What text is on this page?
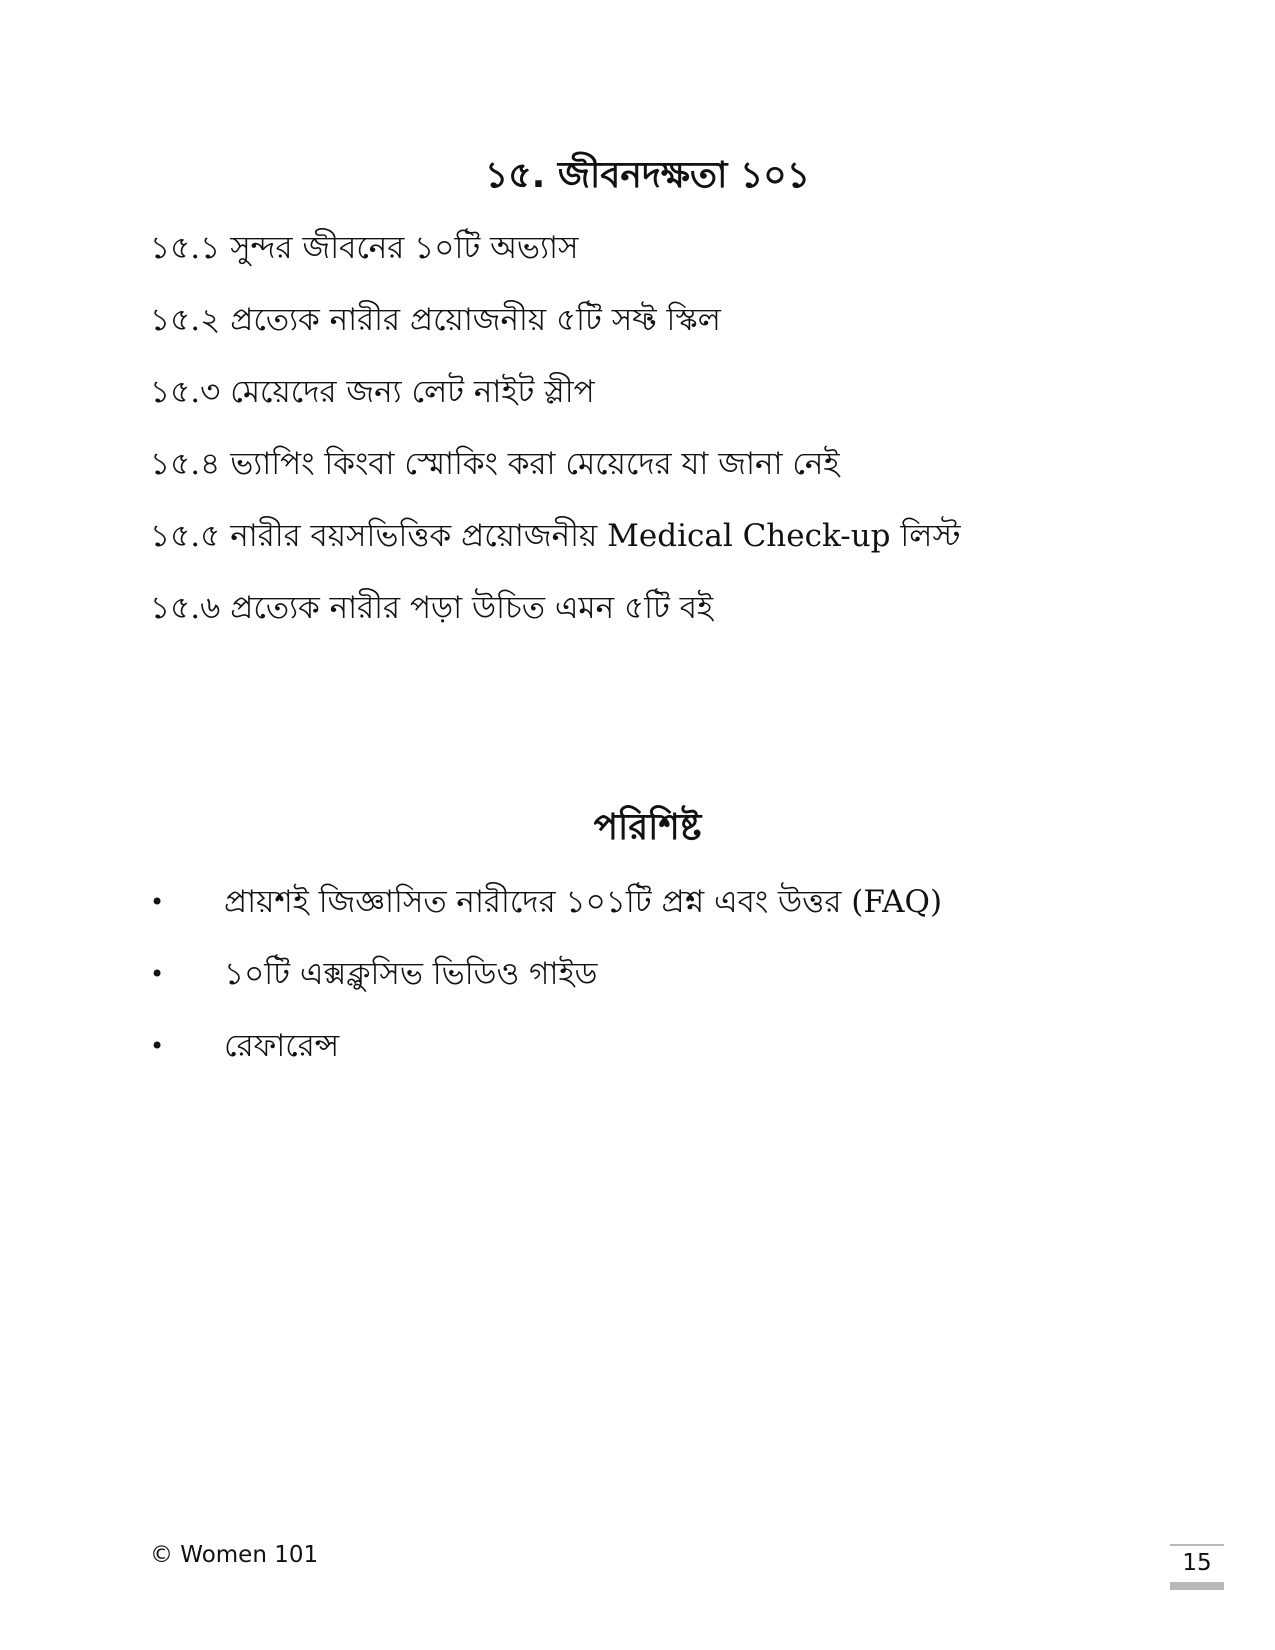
১৫. জীবনদক্ষতা ১০১
১৫.১ সুন্দর জীবনের ১০টি অভ্যাস
১৫.২ প্রত্যেক নারীর প্রয়োজনীয় ৫টি সফ্ট স্কিল
১৫.৩ মেয়েদের জন্য লেট নাইট স্লীপ
১৫.৪ ভ্যাপিং কিংবা স্মোকিং করা মেয়েদের যা জানা নেই
১৫.৫ নারীর বয়সভিত্তিক প্রয়োজনীয় Medical Check-up লিস্ট
১৫.৬ প্রত্যেক নারীর পড়া উচিত এমন ৫টি বই
পরিশিষ্ট
• প্রায়শই জিজ্ঞাসিত নারীদের ১০১টি প্রশ্ন এবং উত্তর (FAQ)
• ১০টি এক্সক্লুসিভ ভিডিও গাইড
• রেফারেন্স
© Women 101	15
